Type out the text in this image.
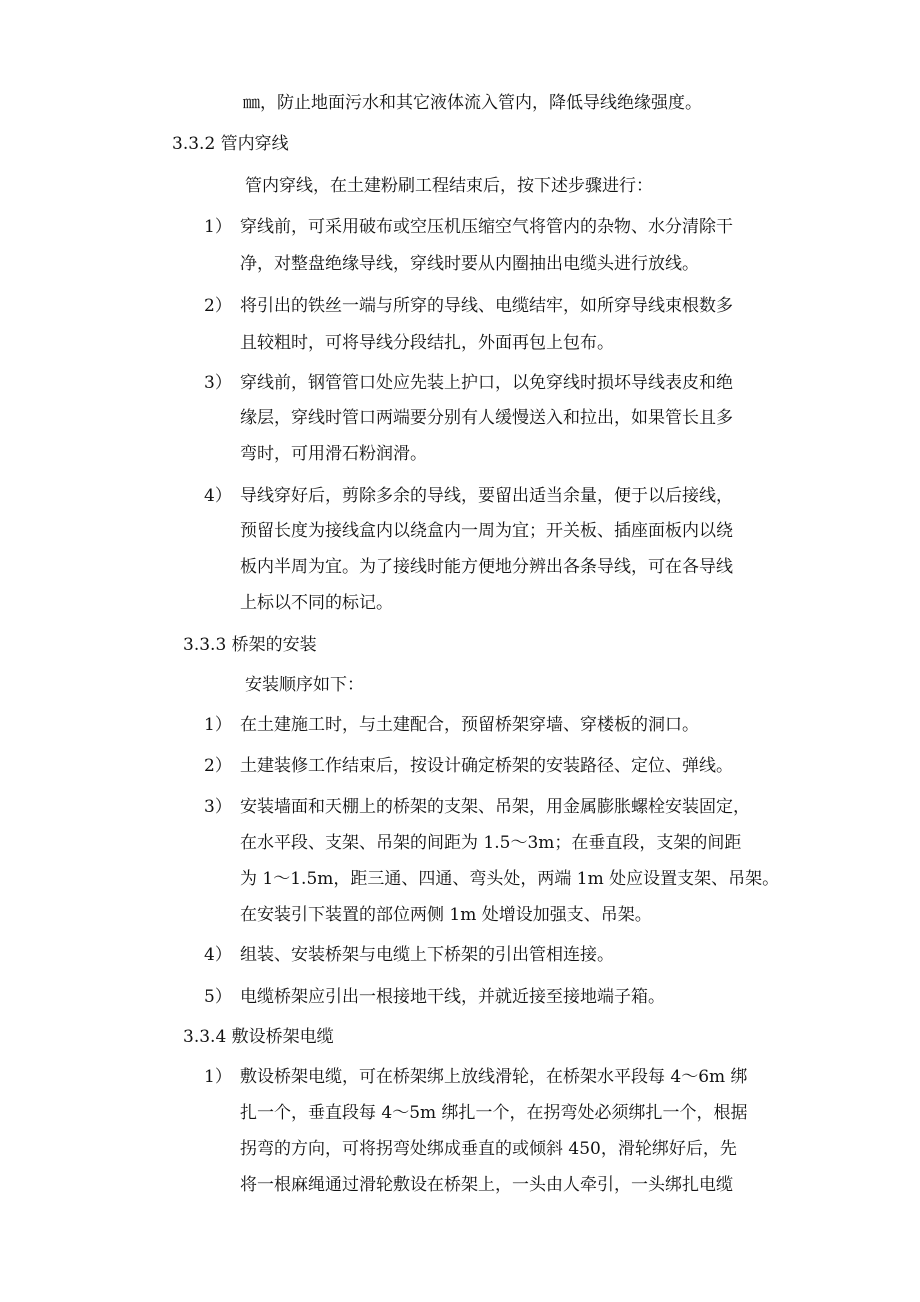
㎜，防止地面污水和其它液体流入管内，降低导线绝缘强度。
3.3.2 管内穿线
管内穿线，在土建粉刷工程结束后，按下述步骤进行：
1） 穿线前，可采用破布或空压机压缩空气将管内的杂物、水分清除干
净，对整盘绝缘导线，穿线时要从内圈抽出电缆头进行放线。
2） 将引出的铁丝一端与所穿的导线、电缆结牢，如所穿导线束根数多
且较粗时，可将导线分段结扎，外面再包上包布。
3） 穿线前，钢管管口处应先装上护口，以免穿线时损坏导线表皮和绝
缘层，穿线时管口两端要分别有人缓慢送入和拉出，如果管长且多
弯时，可用滑石粉润滑。
4） 导线穿好后，剪除多余的导线，要留出适当余量，便于以后接线，
预留长度为接线盒内以绕盒内一周为宜；开关板、插座面板内以绕
板内半周为宜。为了接线时能方便地分辨出各条导线，可在各导线
上标以不同的标记。
3.3.3 桥架的安装
安装顺序如下：
1） 在土建施工时，与土建配合，预留桥架穿墙、穿楼板的洞口。
2） 土建装修工作结束后，按设计确定桥架的安装路径、定位、弹线。
3） 安装墙面和天棚上的桥架的支架、吊架，用金属膨胀螺栓安装固定，
在水平段、支架、吊架的间距为 1.5～3m；在垂直段，支架的间距
为 1～1.5m，距三通、四通、弯头处，两端 1m 处应设置支架、吊架。
在安装引下装置的部位两侧 1m 处增设加强支、吊架。
4） 组装、安装桥架与电缆上下桥架的引出管相连接。
5） 电缆桥架应引出一根接地干线，并就近接至接地端子箱。
3.3.4 敷设桥架电缆
1） 敷设桥架电缆，可在桥架绑上放线滑轮，在桥架水平段每 4～6m 绑
扎一个，垂直段每 4～5m 绑扎一个，在拐弯处必须绑扎一个，根据
拐弯的方向，可将拐弯处绑成垂直的或倾斜 450，滑轮绑好后，先
将一根麻绳通过滑轮敷设在桥架上，一头由人牵引，一头绑扎电缆
